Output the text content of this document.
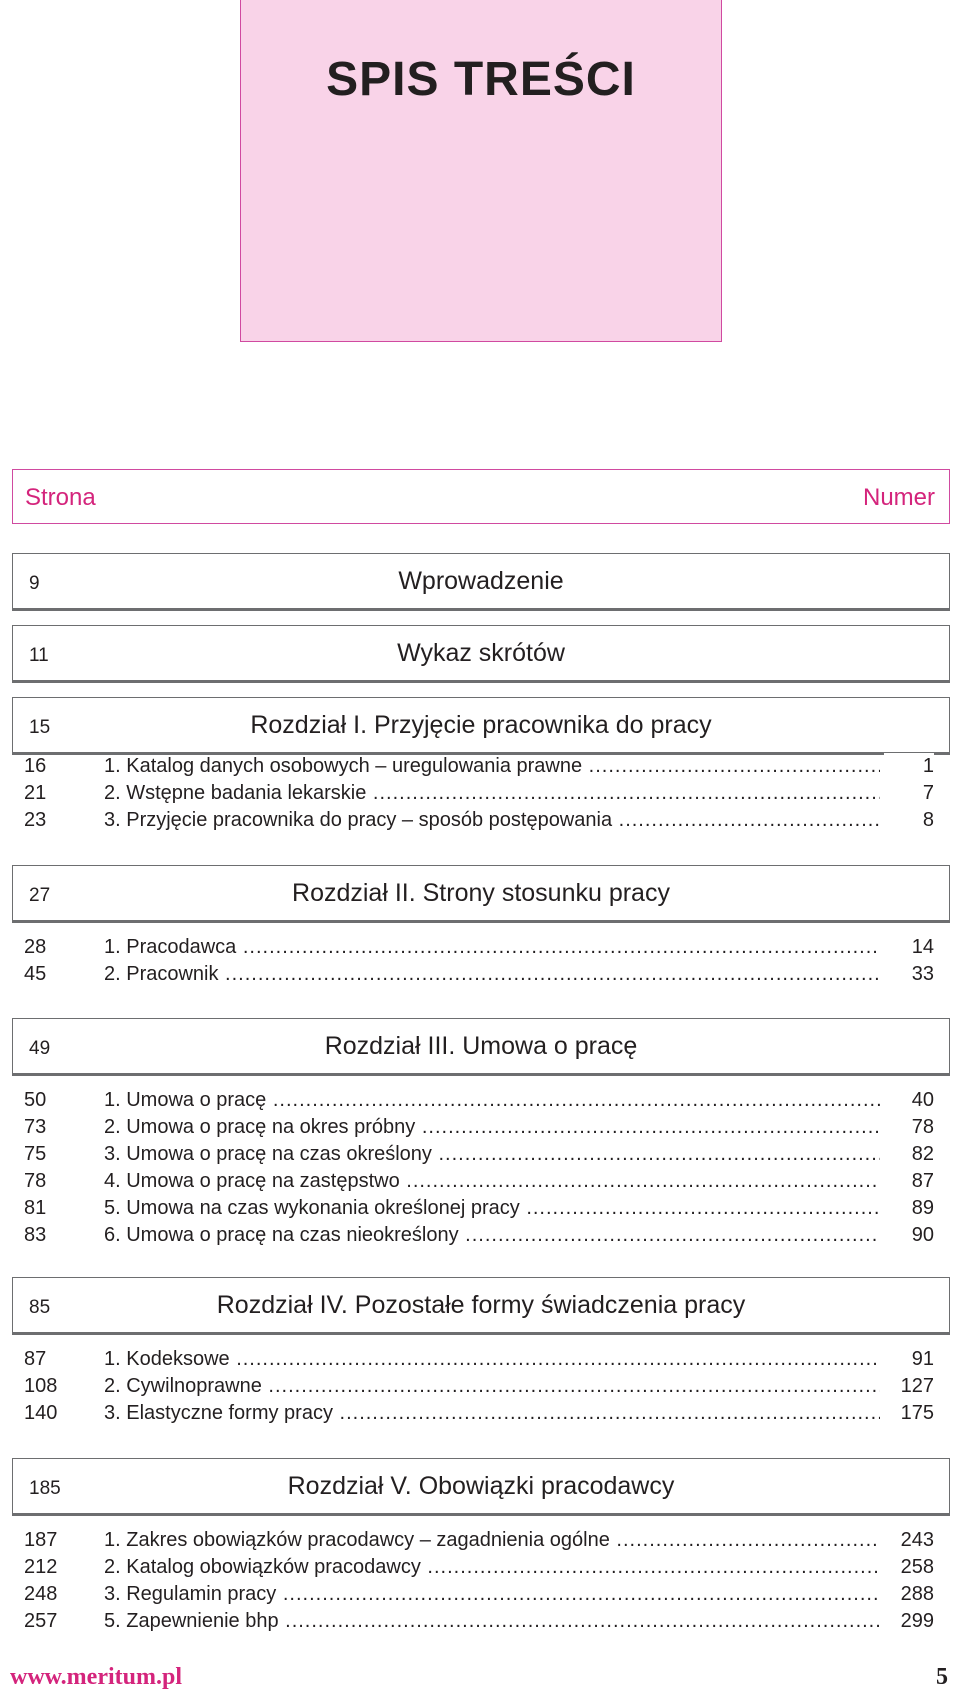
SPIS TREŚCI
Strona	Numer
9	Wprowadzenie
11	Wykaz skrótów
15	Rozdział I. Przyjęcie pracownika do pracy
16	1. Katalog danych osobowych – uregulowania prawne .....	1
21	2. Wstępne badania lekarskie .....	7
23	3. Przyjęcie pracownika do pracy – sposób postępowania .....	8
27	Rozdział II. Strony stosunku pracy
28	1. Pracodawca .....	14
45	2. Pracownik .....	33
49	Rozdział III. Umowa o pracę
50	1. Umowa o pracę .....	40
73	2. Umowa o pracę na okres próbny .....	78
75	3. Umowa o pracę na czas określony .....	82
78	4. Umowa o pracę na zastępstwo .....	87
81	5. Umowa na czas wykonania określonej pracy .....	89
83	6. Umowa o pracę na czas nieokreślony .....	90
85	Rozdział IV. Pozostałe formy świadczenia pracy
87	1. Kodeksowe .....	91
108 2. Cywilnoprawne .....	127
140 3. Elastyczne formy pracy .....	175
185	Rozdział V. Obowiązki pracodawcy
187 1. Zakres obowiązków pracodawcy – zagadnienia ogólne .....	243
212 2. Katalog obowiązków pracodawcy .....	258
248 3. Regulamin pracy .....	288
257 5. Zapewnienie bhp .....	299
www.meritum.pl	5
